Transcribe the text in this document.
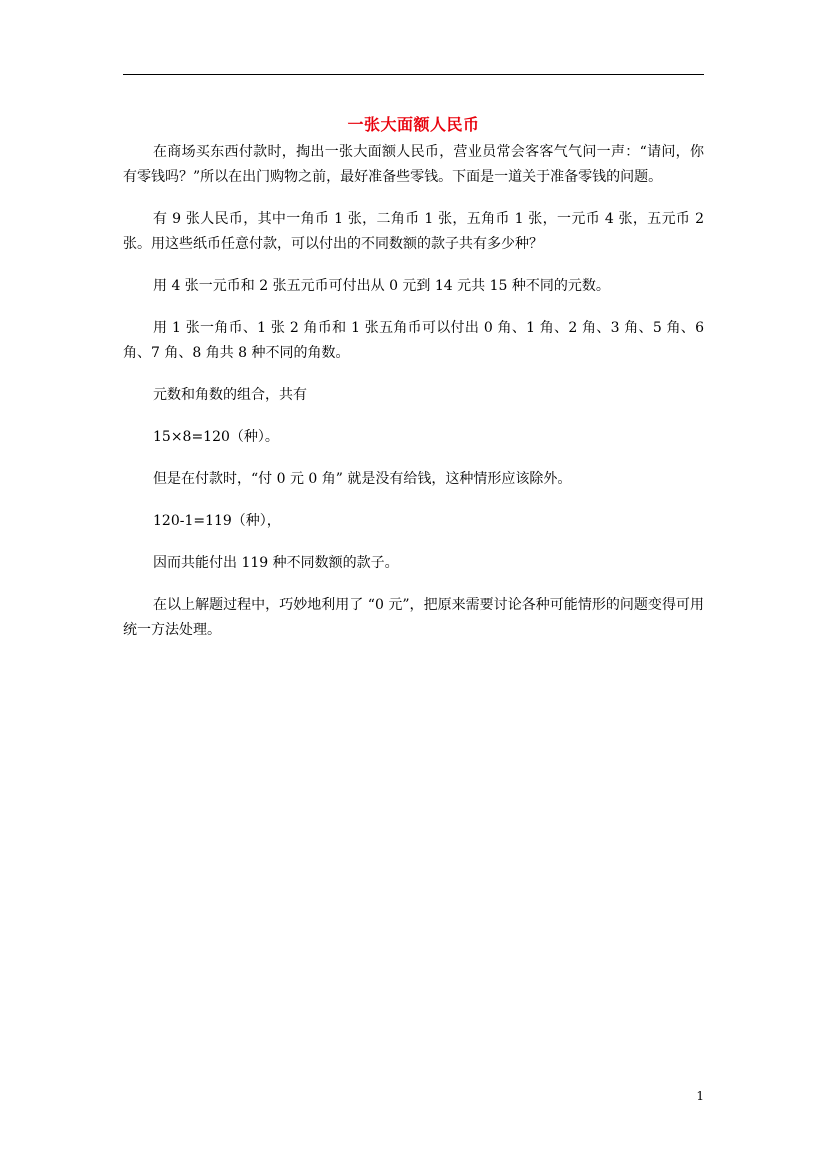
一张大面额人民币

在商场买东西付款时，掏出一张大面额人民币，营业员常会客客气气问一声：“请问，你有零钱吗？”所以在出门购物之前，最好准备些零钱。下面是一道关于准备零钱的问题。

有 9 张人民币，其中一角币 1 张，二角币 1 张，五角币 1 张，一元币 4 张，五元币 2 张。用这些纸币任意付款，可以付出的不同数额的款子共有多少种？

用 4 张一元币和 2 张五元币可付出从 0 元到 14 元共 15 种不同的元数。

用 1 张一角币、1 张 2 角币和 1 张五角币可以付出 0 角、1 角、2 角、3 角、5 角、6 角、7 角、8 角共 8 种不同的角数。

元数和角数的组合，共有

15×8=120（种）。

但是在付款时，“付 0 元 0 角” 就是没有给钱，这种情形应该除外。

120-1=119（种），

因而共能付出 119 种不同数额的款子。

在以上解题过程中，巧妙地利用了 “0 元”，把原来需要讨论各种可能情形的问题变得可用统一方法处理。

1
